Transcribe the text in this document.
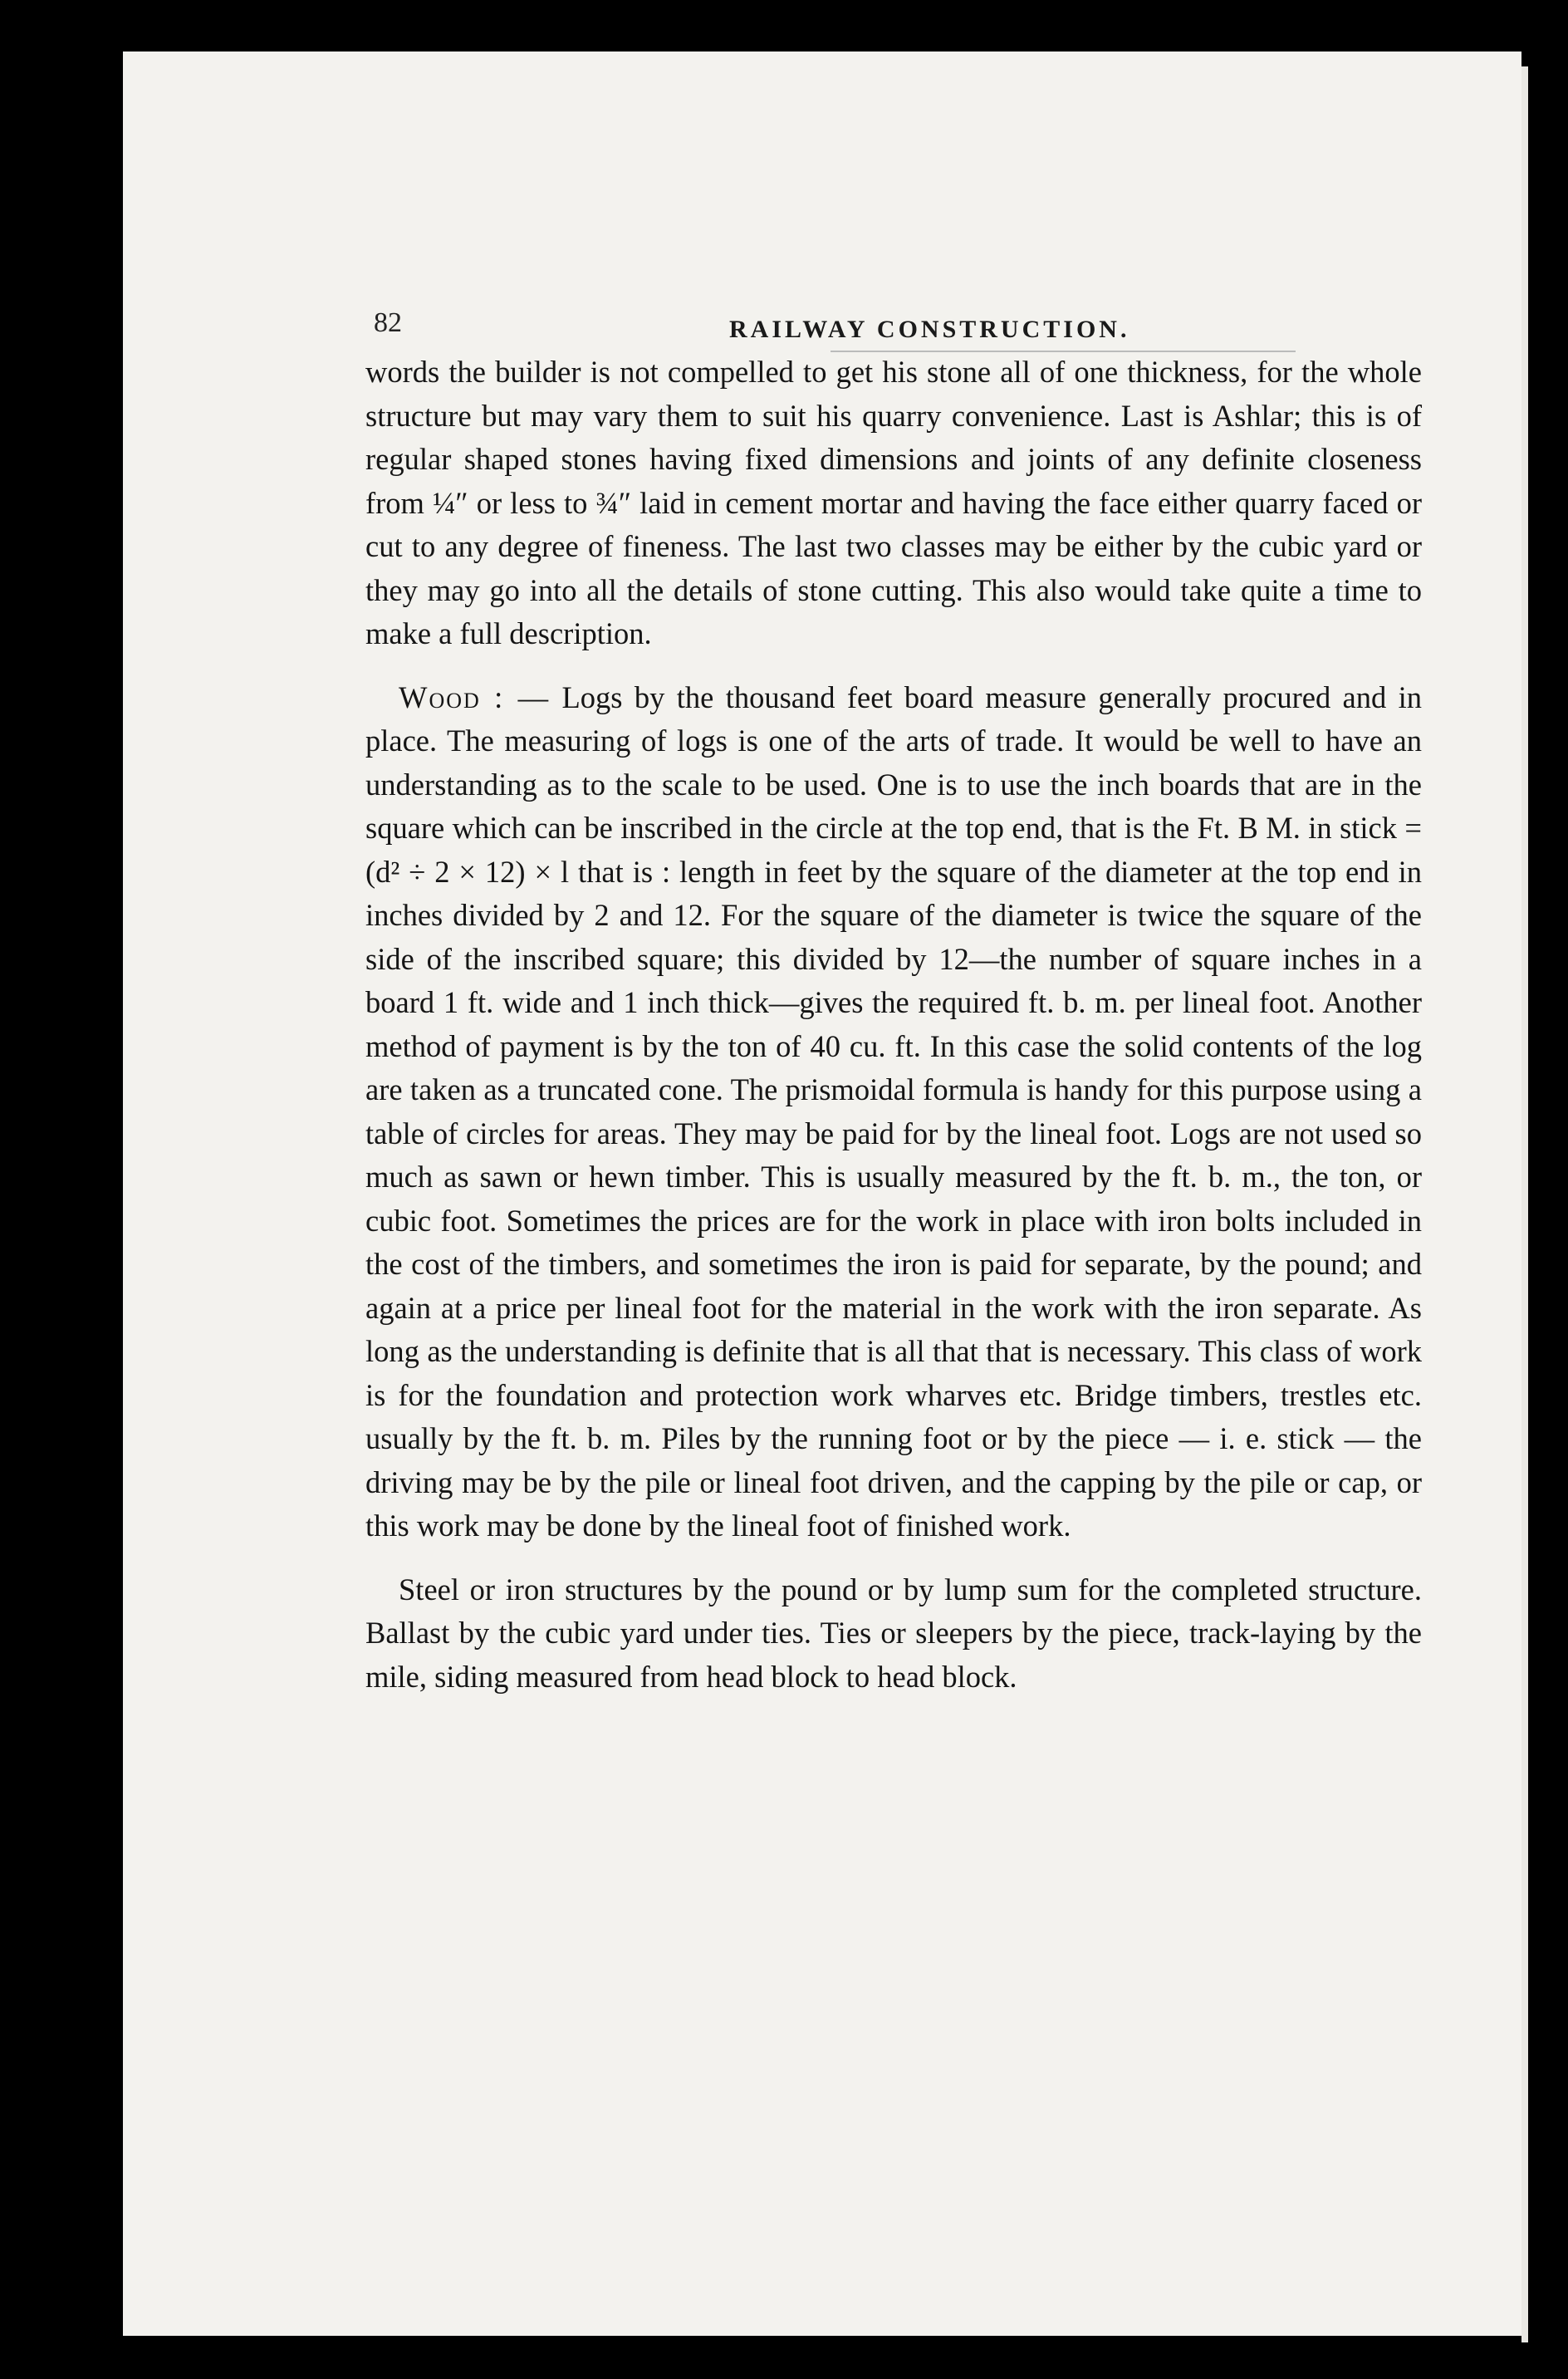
82	RAILWAY CONSTRUCTION.

words the builder is not compelled to get his stone all of one thickness, for the whole structure but may vary them to suit his quarry convenience. Last is Ashlar; this is of regular shaped stones having fixed dimensions and joints of any definite closeness from ¼″ or less to ¾″ laid in cement mortar and having the face either quarry faced or cut to any degree of fineness. The last two classes may be either by the cubic yard or they may go into all the details of stone cutting. This also would take quite a time to make a full description.

Wood : — Logs by the thousand feet board measure generally procured and in place. The measuring of logs is one of the arts of trade. It would be well to have an understanding as to the scale to be used. One is to use the inch boards that are in the square which can be inscribed in the circle at the top end, that is the Ft. B M. in stick = (d² ÷ 2 × 12) × l that is : length in feet by the square of the diameter at the top end in inches divided by 2 and 12. For the square of the diameter is twice the square of the side of the inscribed square; this divided by 12—the number of square inches in a board 1 ft. wide and 1 inch thick—gives the required ft. b. m. per lineal foot. Another method of payment is by the ton of 40 cu. ft. In this case the solid contents of the log are taken as a truncated cone. The prismoidal formula is handy for this purpose using a table of circles for areas. They may be paid for by the lineal foot. Logs are not used so much as sawn or hewn timber. This is usually measured by the ft. b. m., the ton, or cubic foot. Sometimes the prices are for the work in place with iron bolts included in the cost of the timbers, and sometimes the iron is paid for separate, by the pound; and again at a price per lineal foot for the material in the work with the iron separate. As long as the understanding is definite that is all that that is necessary. This class of work is for the foundation and protection work wharves etc. Bridge timbers, trestles etc. usually by the ft. b. m. Piles by the running foot or by the piece — i. e. stick — the driving may be by the pile or lineal foot driven, and the capping by the pile or cap, or this work may be done by the lineal foot of finished work.

Steel or iron structures by the pound or by lump sum for the completed structure. Ballast by the cubic yard under ties. Ties or sleepers by the piece, track-laying by the mile, siding measured from head block to head block.
